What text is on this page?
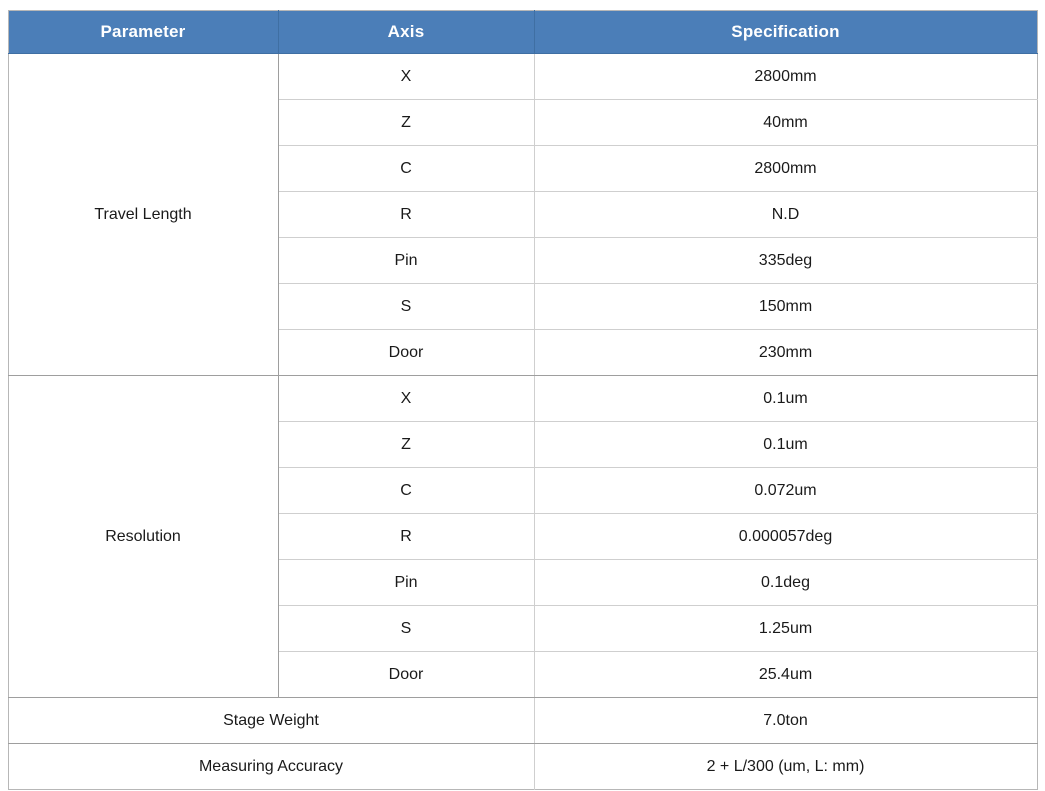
Parameter	Axis	Specification
Travel Length	X	2800mm
	Z	40mm
	C	2800mm
	R	N.D
	Pin	335deg
	S	150mm
	Door	230mm
Resolution	X	0.1um
	Z	0.1um
	C	0.072um
	R	0.000057deg
	Pin	0.1deg
	S	1.25um
	Door	25.4um
Stage Weight		7.0ton
Measuring Accuracy		2 + L/300 (um, L: mm)
